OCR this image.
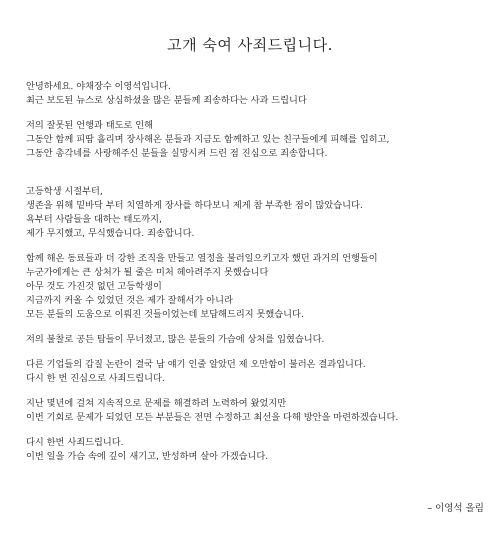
고개 숙여 사죄드립니다.
안녕하세요. 야채장수 이영석입니다.
최근 보도된 뉴스로 상심하셨을 많은 분들께 죄송하다는 사과 드립니다
저의 잘못된 언행과 태도로 인해
그동안 함께 피땀 흘리며 장사해온 분들과 지금도 함께하고 있는 친구들에게 피해를 입히고,
그동안 총각네를 사랑해주신 분들을 실망시켜 드린 점 진심으로 죄송합니다.
고등학생 시절부터,
생존을 위해 밑바닥 부터 치열하게 장사를 하다보니 제게 참 부족한 점이 많았습니다.
욕부터 사람들을 대하는 태도까지,
제가 무지했고, 무식했습니다. 죄송합니다.
함께 해온 동료들과 더 강한 조직을 만들고 열정을 불러일으키고자 했던 과거의 언행들이
누군가에게는 큰 상처가 될 줄은 미처 헤아려주지 못했습니다
아무 것도 가진것 없던 고등학생이
지금까지 커올 수 있었던 것은 제가 잘해서가 아니라
모든 분들의 도움으로 이뤄진 것들이었는데 보답해드리지 못했습니다.
저의 불찰로 공든 탑들이 무너졌고, 많은 분들의 가슴에 상처를 입혔습니다.
다른 기업들의 갑질 논란이 결국 남 얘기 인줄 알았던 제 오만함이 불러온 결과입니다.
다시 한 번 진심으로 사죄드립니다.
지난 몇년에 걸쳐 지속적으로 문제를 해결하려 노력하여 왔었지만
이번 기회로 문제가 되었던 모든 부분들은 전면 수정하고 최선을 다해 방안을 마련하겠습니다.
다시 한번 사죄드립니다.
이번 일을 가슴 속에 깊이 새기고, 반성하며 살아 가겠습니다.
– 이영석 올림
